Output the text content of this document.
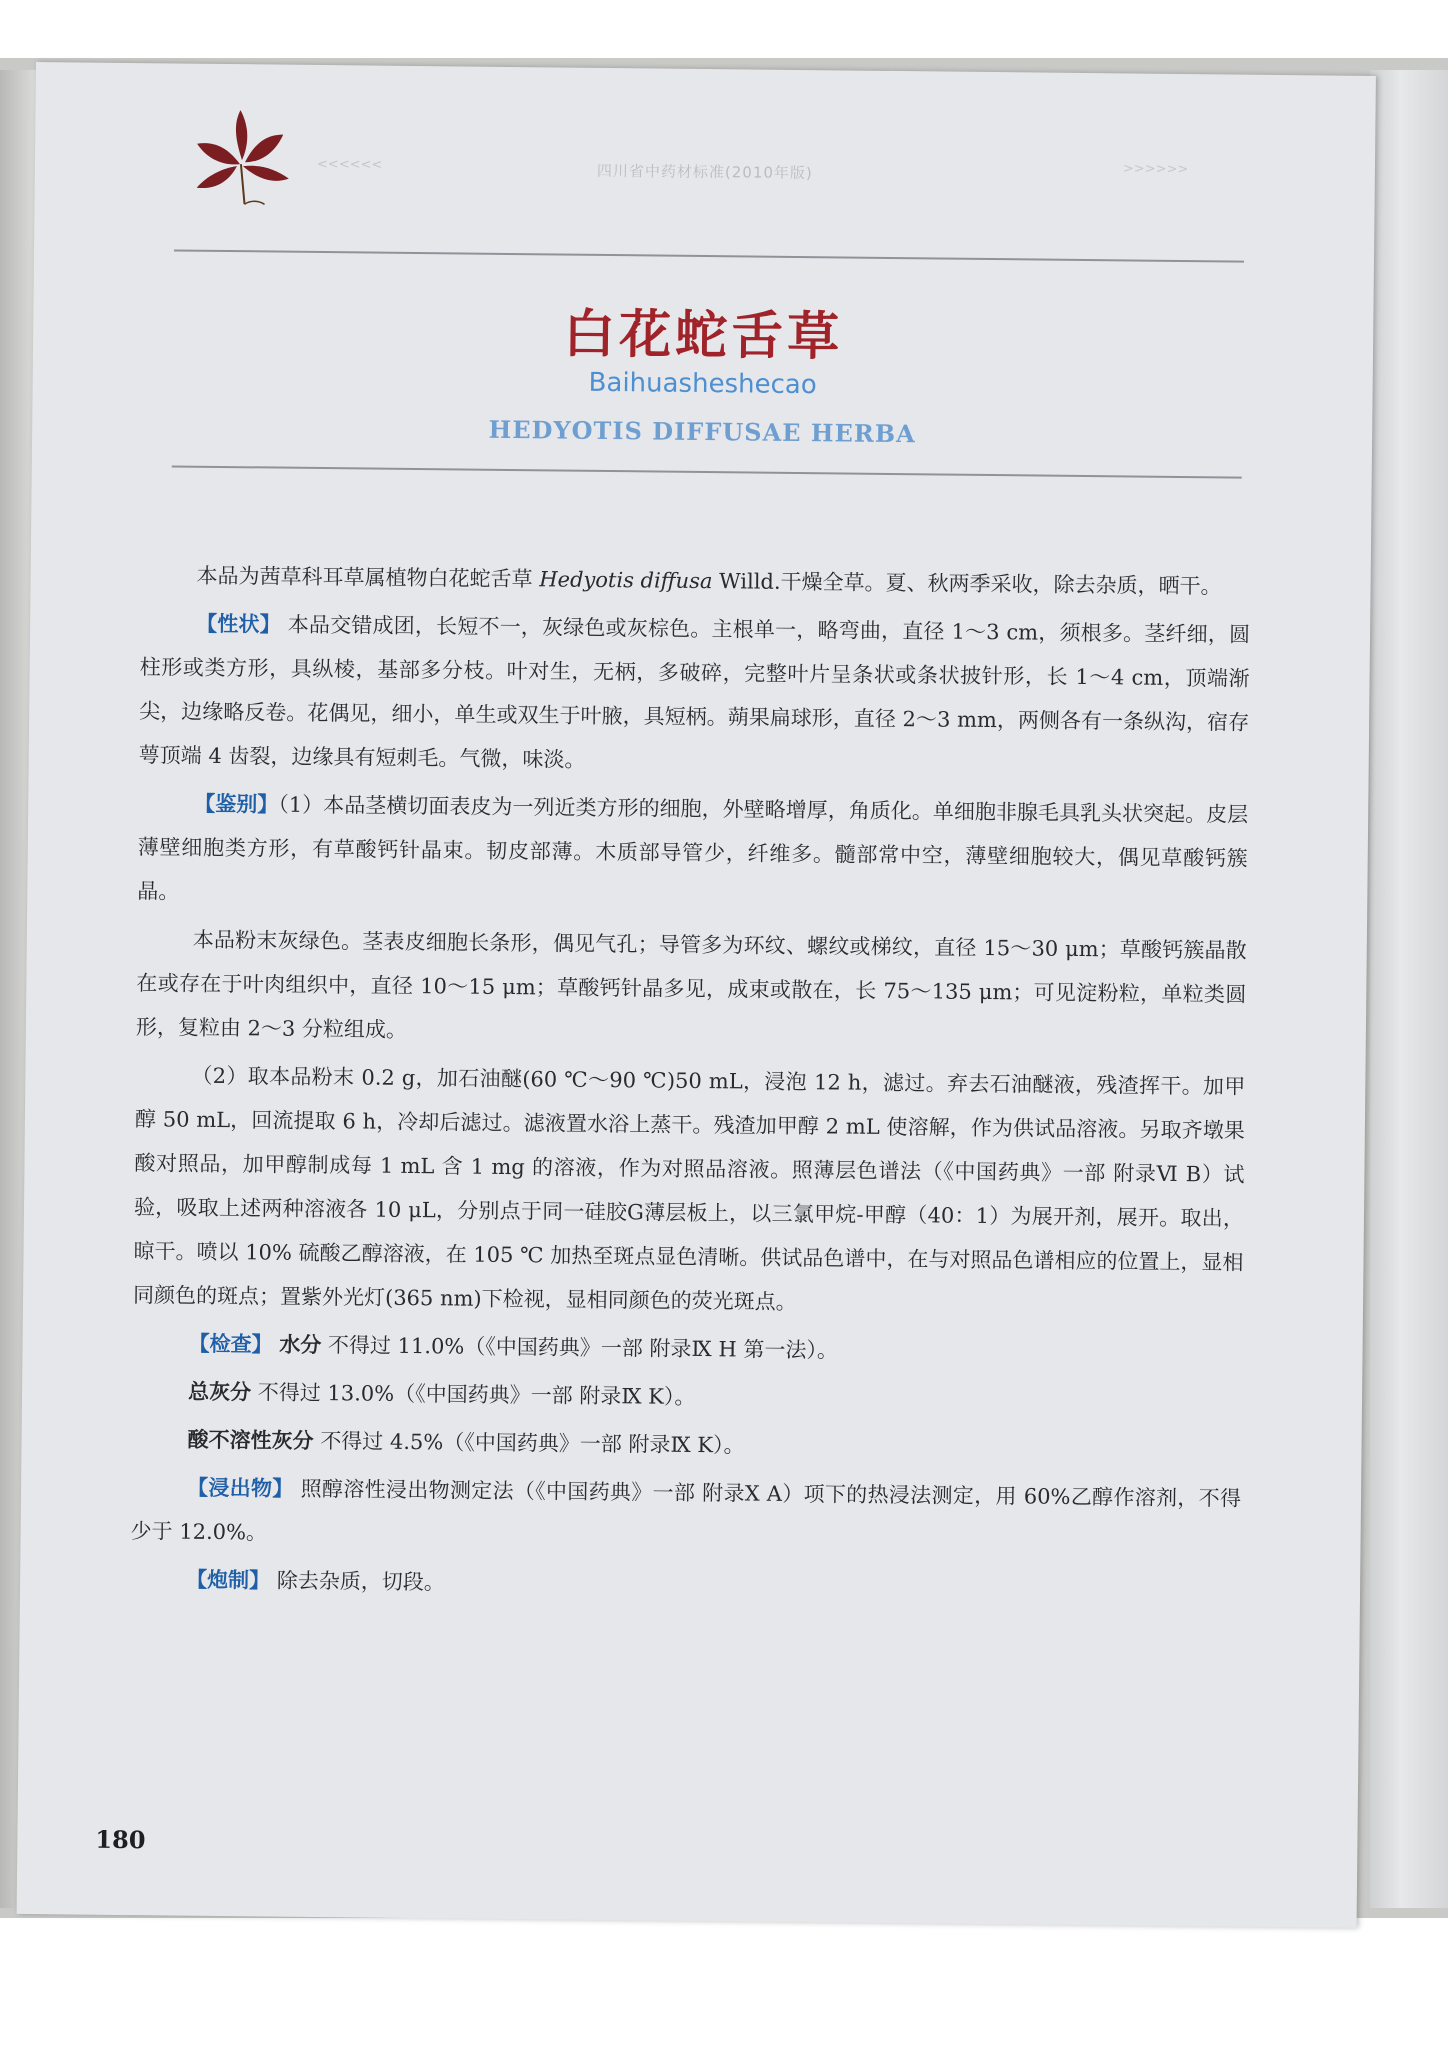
<<<<<<	四川省中药材标准(2010年版)	>>>>>>
白花蛇舌草
Baihuasheshecao
HEDYOTIS DIFFUSAE HERBA

本品为茜草科耳草属植物白花蛇舌草 Hedyotis diffusa Willd.干燥全草。夏、秋两季采收，除去杂质，晒干。

【性状】 本品交错成团，长短不一，灰绿色或灰棕色。主根单一，略弯曲，直径 1～3 cm，须根多。茎纤细，圆柱形或类方形，具纵棱，基部多分枝。叶对生，无柄，多破碎，完整叶片呈条状或条状披针形，长 1～4 cm，顶端渐尖，边缘略反卷。花偶见，细小，单生或双生于叶腋，具短柄。蒴果扁球形，直径 2～3 mm，两侧各有一条纵沟，宿存萼顶端 4 齿裂，边缘具有短刺毛。气微，味淡。

【鉴别】（1）本品茎横切面表皮为一列近类方形的细胞，外壁略增厚，角质化。单细胞非腺毛具乳头状突起。皮层薄壁细胞类方形，有草酸钙针晶束。韧皮部薄。木质部导管少，纤维多。髓部常中空，薄壁细胞较大，偶见草酸钙簇晶。

本品粉末灰绿色。茎表皮细胞长条形，偶见气孔；导管多为环纹、螺纹或梯纹，直径 15～30 μm；草酸钙簇晶散在或存在于叶肉组织中，直径 10～15 μm；草酸钙针晶多见，成束或散在，长 75～135 μm；可见淀粉粒，单粒类圆形，复粒由 2～3 分粒组成。

（2）取本品粉末 0.2 g，加石油醚(60 ℃～90 ℃)50 mL，浸泡 12 h，滤过。弃去石油醚液，残渣挥干。加甲醇 50 mL，回流提取 6 h，冷却后滤过。滤液置水浴上蒸干。残渣加甲醇 2 mL 使溶解，作为供试品溶液。另取齐墩果酸对照品，加甲醇制成每 1 mL 含 1 mg 的溶液，作为对照品溶液。照薄层色谱法（《中国药典》一部 附录Ⅵ B）试验，吸取上述两种溶液各 10 μL，分别点于同一硅胶G薄层板上，以三氯甲烷-甲醇（40：1）为展开剂，展开。取出，晾干。喷以 10% 硫酸乙醇溶液，在 105 ℃ 加热至斑点显色清晰。供试品色谱中，在与对照品色谱相应的位置上，显相同颜色的斑点；置紫外光灯(365 nm)下检视，显相同颜色的荧光斑点。

【检查】 水分 不得过 11.0%（《中国药典》一部 附录Ⅸ H 第一法）。

总灰分 不得过 13.0%（《中国药典》一部 附录Ⅸ K）。

酸不溶性灰分 不得过 4.5%（《中国药典》一部 附录Ⅸ K）。

【浸出物】 照醇溶性浸出物测定法（《中国药典》一部 附录X A）项下的热浸法测定，用 60%乙醇作溶剂，不得少于 12.0%。

【炮制】 除去杂质，切段。

180
